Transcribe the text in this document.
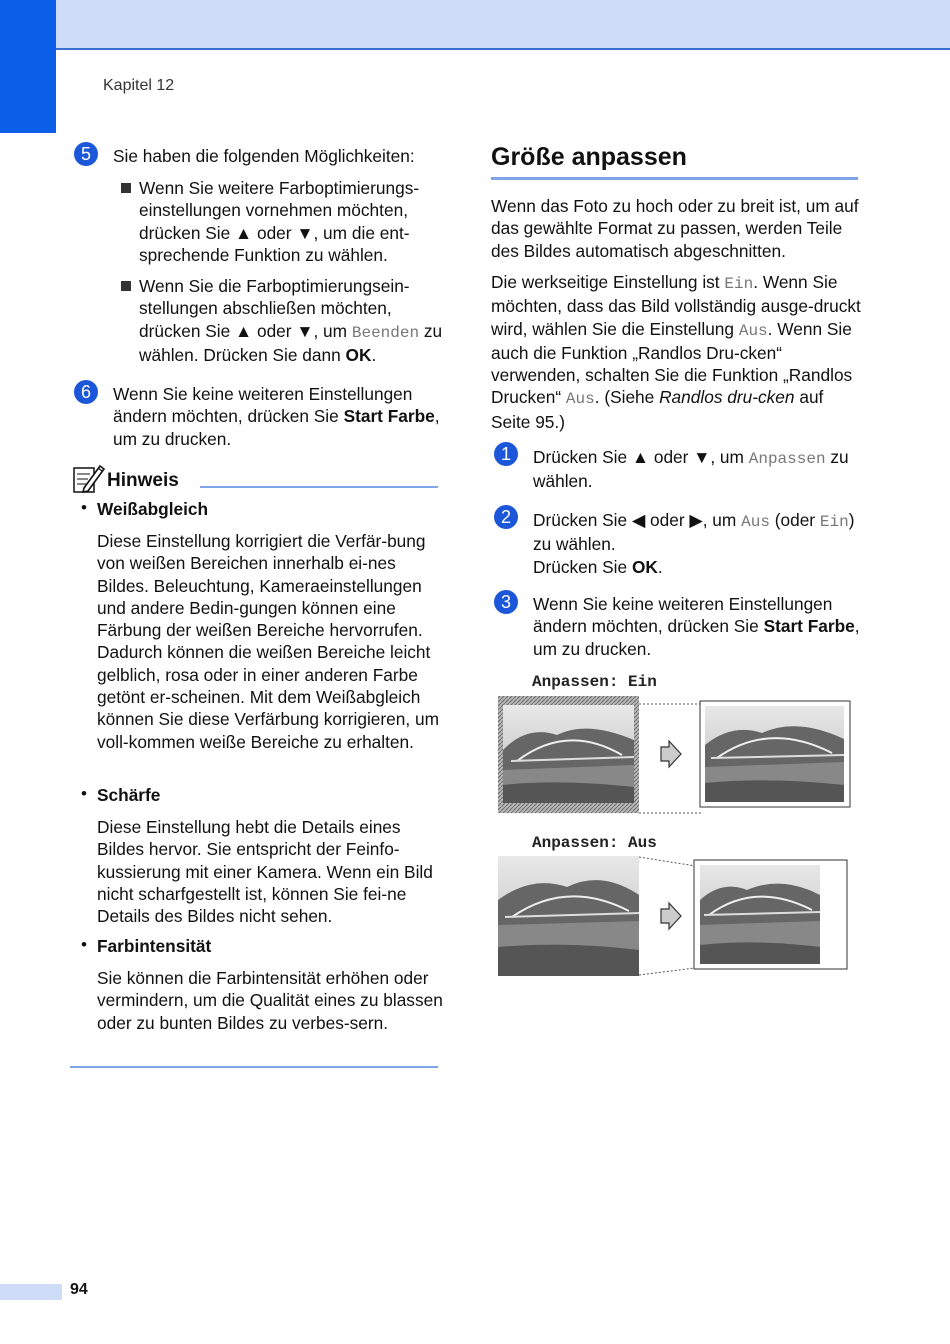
Kapitel 12
5	Sie haben die folgenden Möglichkeiten:

Wenn Sie weitere Farboptimierungs-einstellungen vornehmen möchten, drücken Sie ▲ oder ▼, um die ent-sprechende Funktion zu wählen.

Wenn Sie die Farboptimierungsein-stellungen abschließen möchten, drücken Sie ▲ oder ▼, um Beenden zu wählen. Drücken Sie dann OK.

6	Wenn Sie keine weiteren Einstellungen ändern möchten, drücken Sie Start Farbe, um zu drucken.

Hinweis
• Weißabgleich

Diese Einstellung korrigiert die Verfär-bung von weißen Bereichen innerhalb ei-nes Bildes. Beleuchtung, Kameraeinstellungen und andere Bedin-gungen können eine Färbung der weißen Bereiche hervorrufen. Dadurch können die weißen Bereiche leicht gelblich, rosa oder in einer anderen Farbe getönt er-scheinen. Mit dem Weißabgleich können Sie diese Verfärbung korrigieren, um voll-kommen weiße Bereiche zu erhalten.

• Schärfe

Diese Einstellung hebt die Details eines Bildes hervor. Sie entspricht der Feinfo-kussierung mit einer Kamera. Wenn ein Bild nicht scharfgestellt ist, können Sie fei-ne Details des Bildes nicht sehen.

• Farbintensität

Sie können die Farbintensität erhöhen oder vermindern, um die Qualität eines zu blassen oder zu bunten Bildes zu verbes-sern.

Größe anpassen

Wenn das Foto zu hoch oder zu breit ist, um auf das gewählte Format zu passen, werden Teile des Bildes automatisch abgeschnitten.

Die werkseitige Einstellung ist Ein. Wenn Sie möchten, dass das Bild vollständig ausge-druckt wird, wählen Sie die Einstellung Aus. Wenn Sie auch die Funktion „Randlos Dru-cken“ verwenden, schalten Sie die Funktion „Randlos Drucken“ Aus. (Siehe Randlos dru-cken auf Seite 95.)

1	Drücken Sie ▲ oder ▼, um Anpassen zu wählen.

2	Drücken Sie ◀ oder ▶, um Aus (oder Ein) zu wählen.
Drücken Sie OK.

3	Wenn Sie keine weiteren Einstellungen ändern möchten, drücken Sie Start Farbe, um zu drucken.

Anpassen: Ein
Anpassen: Aus
94
